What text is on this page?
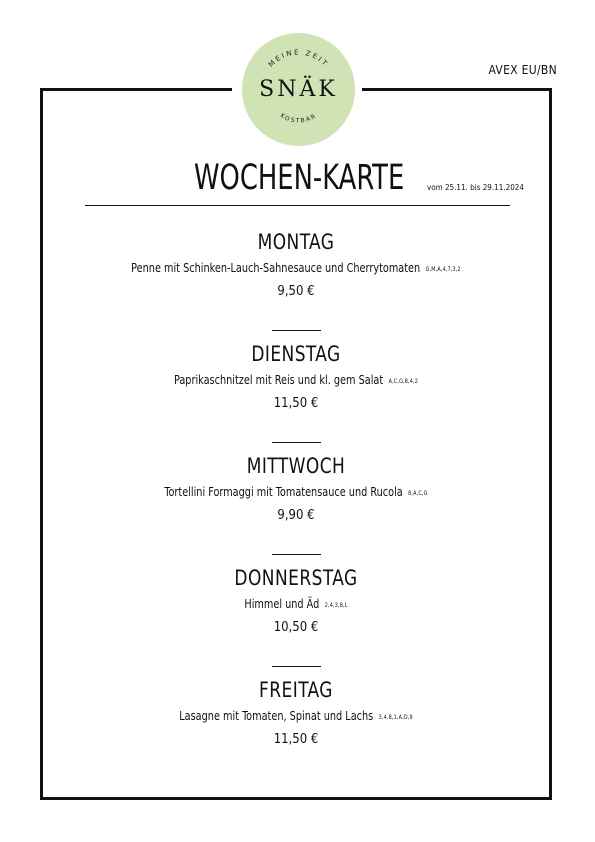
MEINE ZEIT
KOSTBAR
SNÄK
AVEX EU/BN
WOCHEN-KARTE	vom 25.11. bis 29.11.2024
MONTAG
Penne mit Schinken-Lauch-Sahnesauce und Cherrytomaten G,M,A,4,7,3,2
9,50 €
DIENSTAG
Paprikaschnitzel mit Reis und kl. gem Salat A,C,G,8,4,2
11,50 €
MITTWOCH
Tortellini Formaggi mit Tomatensauce und Rucola 8,A,C,G
9,90 €
DONNERSTAG
Himmel und Äd 2,4,3,8,L
10,50 €
FREITAG
Lasagne mit Tomaten, Spinat und Lachs 3,4,8,1,A,D,9
11,50 €
